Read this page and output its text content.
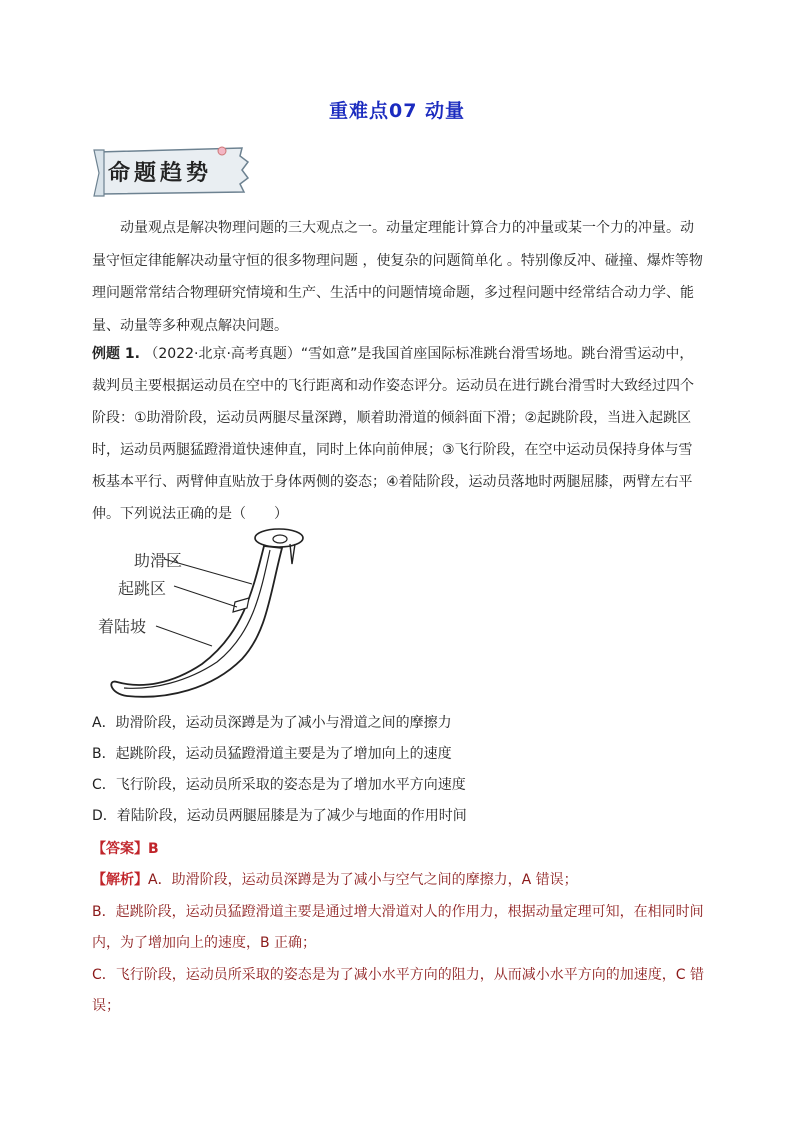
重难点07 动量
命题趋势
动量观点是解决物理问题的三大观点之一。动量定理能计算合力的冲量或某一个力的冲量。动量守恒定律能解决动量守恒的很多物理问题 ，使复杂的问题简单化 。特别像反冲、碰撞、爆炸等物理问题常常结合物理研究情境和生产、生活中的问题情境命题，多过程问题中经常结合动力学、能量、动量等多种观点解决问题。
例题 1. （2022·北京·高考真题）“雪如意”是我国首座国际标准跳台滑雪场地。跳台滑雪运动中，裁判员主要根据运动员在空中的飞行距离和动作姿态评分。运动员在进行跳台滑雪时大致经过四个阶段：①助滑阶段，运动员两腿尽量深蹲，顺着助滑道的倾斜面下滑；②起跳阶段，当进入起跳区时，运动员两腿猛蹬滑道快速伸直，同时上体向前伸展；③飞行阶段，在空中运动员保持身体与雪板基本平行、两臂伸直贴放于身体两侧的姿态；④着陆阶段，运动员落地时两腿屈膝，两臂左右平伸。下列说法正确的是（　　）
助滑区
起跳区
着陆坡
A．助滑阶段，运动员深蹲是为了减小与滑道之间的摩擦力
B．起跳阶段，运动员猛蹬滑道主要是为了增加向上的速度
C．飞行阶段，运动员所采取的姿态是为了增加水平方向速度
D．着陆阶段，运动员两腿屈膝是为了减少与地面的作用时间
【答案】B
【解析】A．助滑阶段，运动员深蹲是为了减小与空气之间的摩擦力，A 错误；
B．起跳阶段，运动员猛蹬滑道主要是通过增大滑道对人的作用力，根据动量定理可知，在相同时间内，为了增加向上的速度，B 正确；
C．飞行阶段，运动员所采取的姿态是为了减小水平方向的阻力，从而减小水平方向的加速度，C 错误；
